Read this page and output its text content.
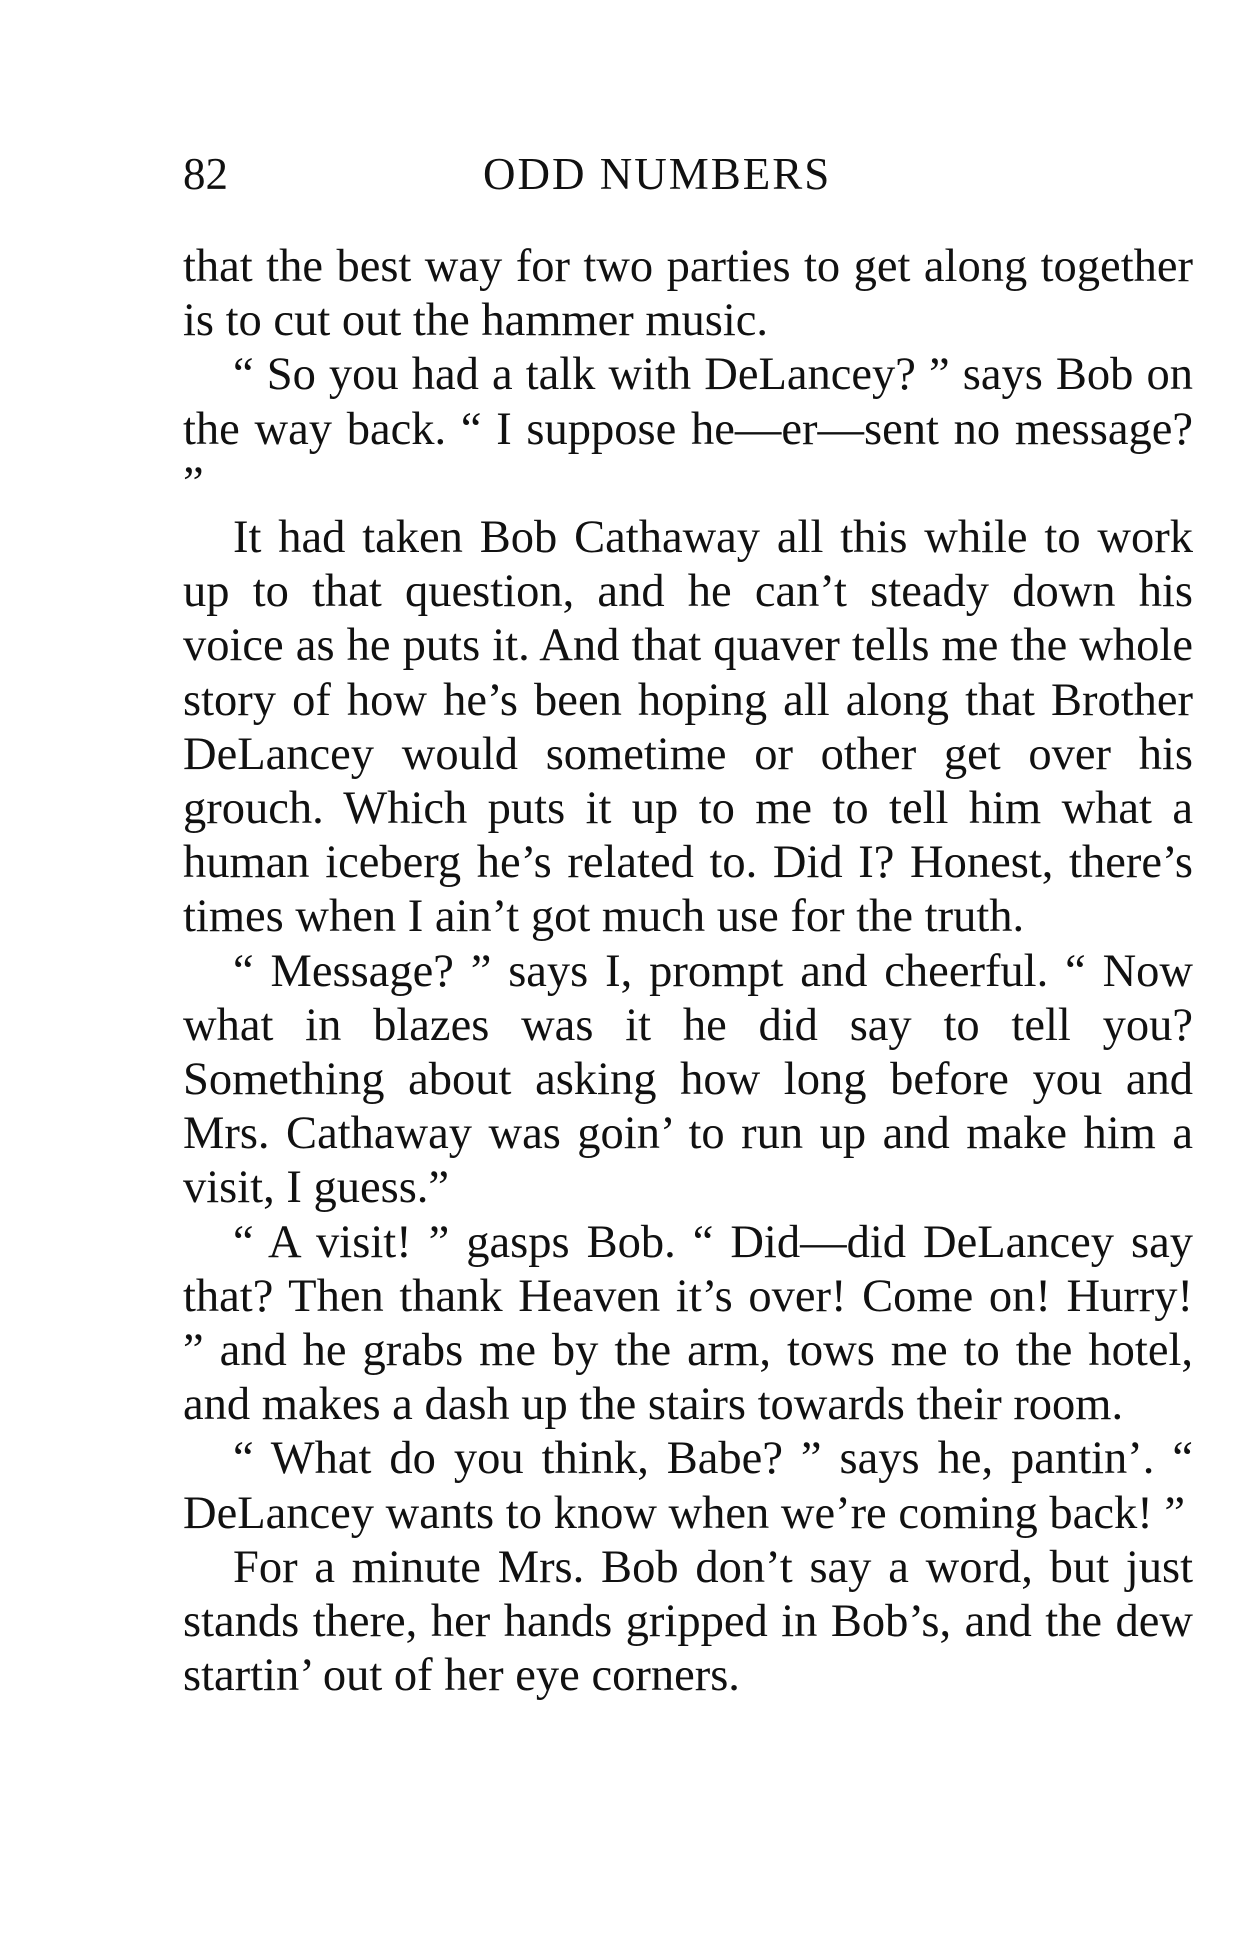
82	ODD NUMBERS

that the best way for two parties to get along together is to cut out the hammer music.

“ So you had a talk with DeLancey? ” says Bob on the way back. “ I suppose he—er—sent no message? ”

It had taken Bob Cathaway all this while to work up to that question, and he can’t steady down his voice as he puts it. And that quaver tells me the whole story of how he’s been hoping all along that Brother DeLancey would sometime or other get over his grouch. Which puts it up to me to tell him what a human iceberg he’s related to. Did I? Honest, there’s times when I ain’t got much use for the truth.

“ Message? ” says I, prompt and cheerful. “ Now what in blazes was it he did say to tell you? Something about asking how long before you and Mrs. Cathaway was goin’ to run up and make him a visit, I guess.”

“ A visit! ” gasps Bob. “ Did—did DeLancey say that? Then thank Heaven it’s over! Come on! Hurry! ” and he grabs me by the arm, tows me to the hotel, and makes a dash up the stairs towards their room.

“ What do you think, Babe? ” says he, pantin’. “ DeLancey wants to know when we’re coming back! ”

For a minute Mrs. Bob don’t say a word, but just stands there, her hands gripped in Bob’s, and the dew startin’ out of her eye corners.
